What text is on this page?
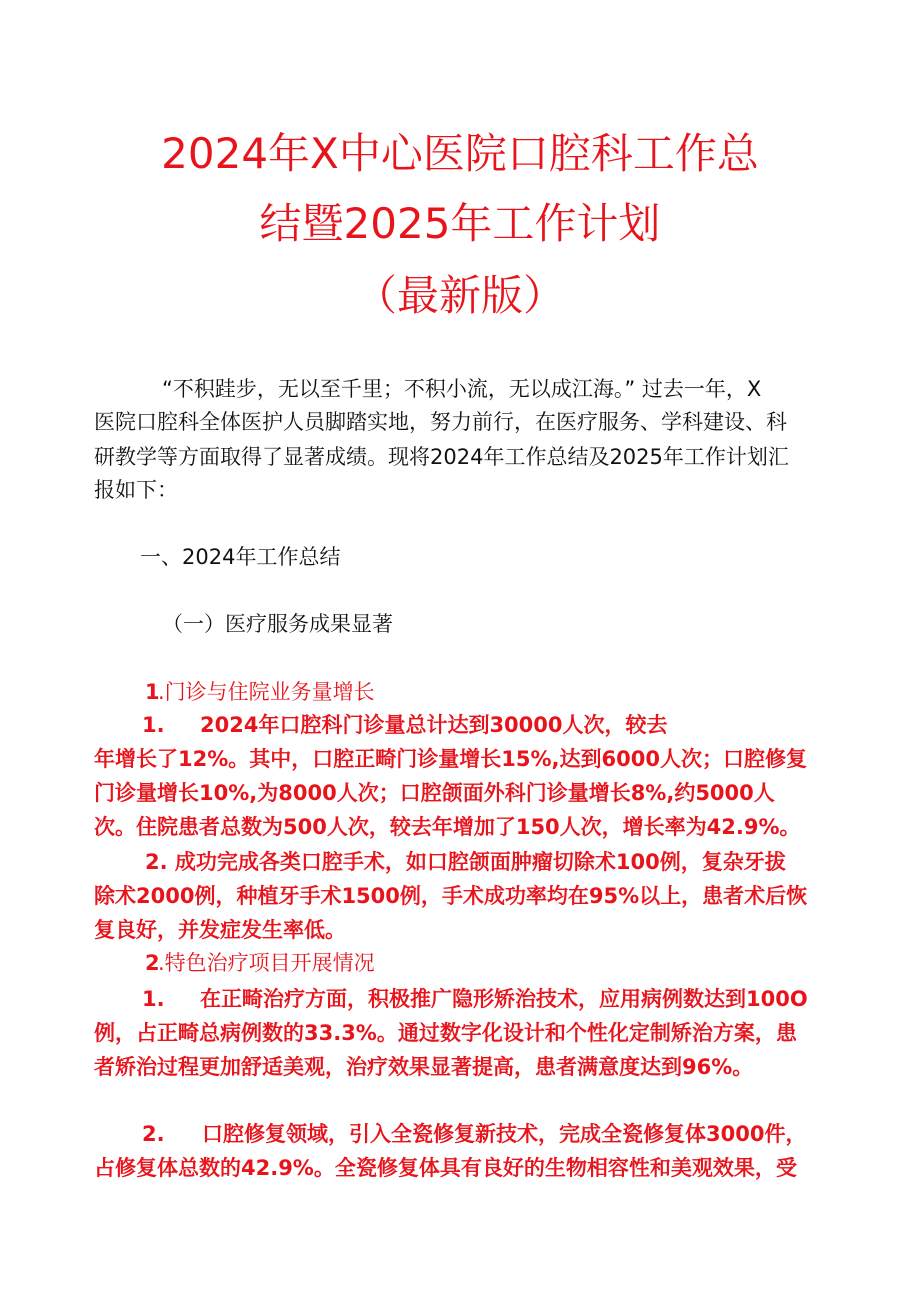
2024年X中心医院口腔科工作总
结暨2025年工作计划
（最新版）
“不积跬步，无以至千里；不积小流，无以成江海。” 过去一年，X
医院口腔科全体医护人员脚踏实地，努力前行，在医疗服务、学科建设、科
研教学等方面取得了显著成绩。现将2024年工作总结及2025年工作计划汇
报如下：
一、2024年工作总结
（一）医疗服务成果显著
1
.门诊与住院业务量增长
1. 2024年口腔科门诊量总计达到30000人次，较去
年增长了12%。其中，口腔正畸门诊量增长15%,达到6000人次；口腔修复
门诊量增长10%,为8000人次；口腔颌面外科门诊量增长8%,约5000人
次。住院患者总数为500人次，较去年增加了150人次，增长率为42.9%。
2. 成功完成各类口腔手术，如口腔颌面肿瘤切除术100例，复杂牙拔
除术2000例，种植牙手术1500例，手术成功率均在95%以上，患者术后恢
复良好，并发症发生率低。
2
.特色治疗项目开展情况
1. 在正畸治疗方面，积极推广隐形矫治技术，应用病例数达到100O
例，占正畸总病例数的33.3%。通过数字化设计和个性化定制矫治方案，患
者矫治过程更加舒适美观，治疗效果显著提高，患者满意度达到96%。
2. 口腔修复领域，引入全瓷修复新技术，完成全瓷修复体3000件，
占修复体总数的42.9%。全瓷修复体具有良好的生物相容性和美观效果，受
